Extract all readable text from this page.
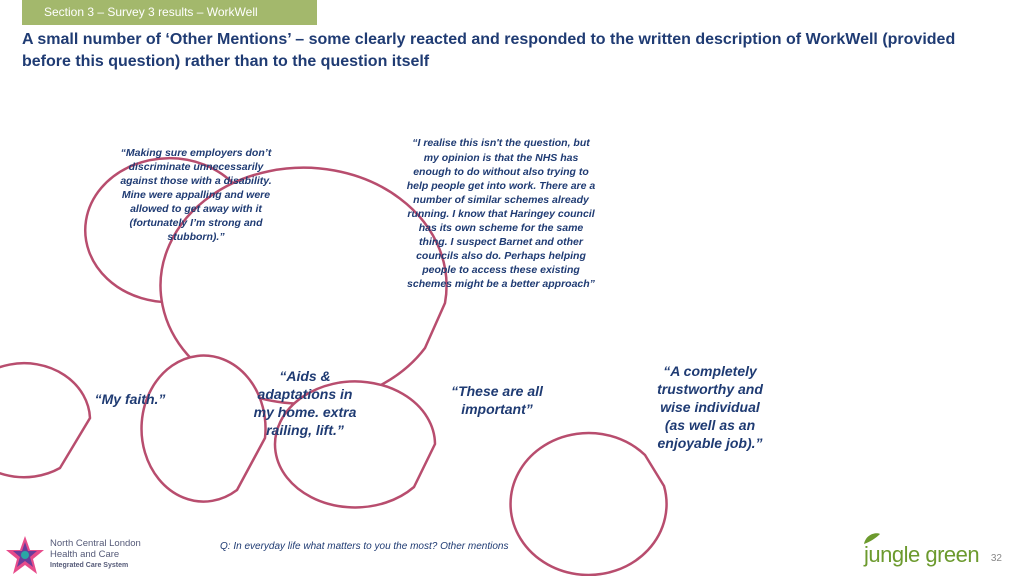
Section 3 – Survey 3 results – WorkWell
A small number of ‘Other Mentions’ – some clearly reacted and responded to the written description of WorkWell (provided before this question) rather than to the question itself
“Making sure employers don’t discriminate unnecessarily against those with a disability. Mine were appalling and were allowed to get away with it (fortunately I’m strong and stubborn).”
“I realise this isn't the question, but my opinion is that the NHS has enough to do without also trying to help people get into work. There are a number of similar schemes already running. I know that Haringey council has its own scheme for the same thing. I suspect Barnet and other councils also do. Perhaps helping people to access these existing schemes might be a better approach”
“My faith.”
“Aids & adaptations in my home. extra railing, lift.”
“These are all important”
“A completely trustworthy and wise individual (as well as an enjoyable job).”
Q: In everyday life what matters to you the most? Other mentions
North Central London
Health and Care
Integrated Care System	jungle green 32
